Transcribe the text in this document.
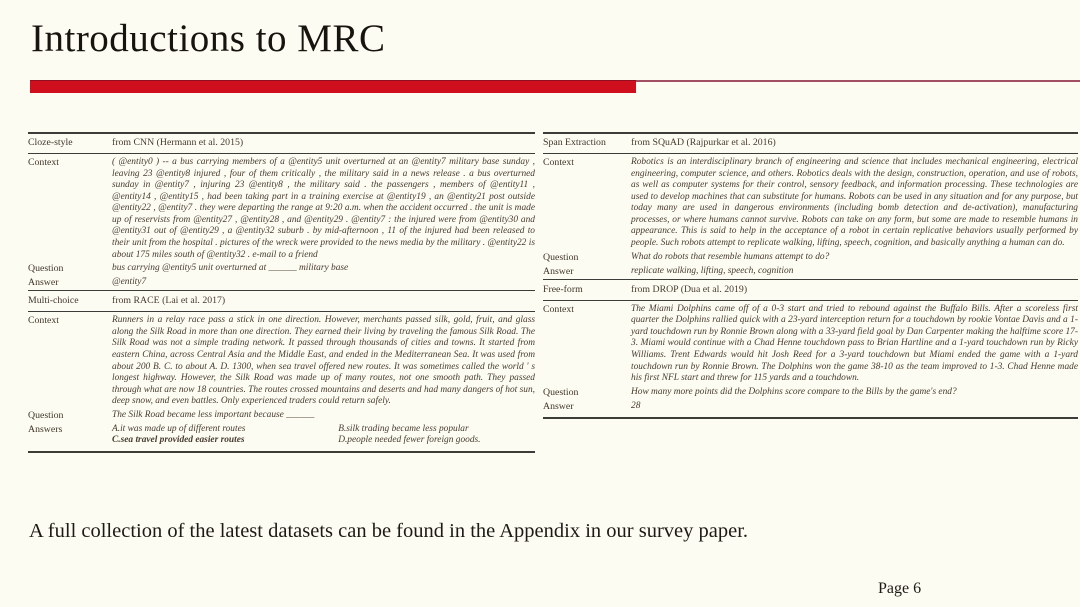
Introductions to MRC
Cloze-style	from CNN (Hermann et al. 2015)
Context	( @entity0 ) -- a bus carrying members of a @entity5 unit overturned at an @entity7 military base sunday , leaving 23 @entity8 injured , four of them critically , the military said in a news release . a bus overturned sunday in @entity7 , injuring 23 @entity8 , the military said . the passengers , members of @entity11 , @entity14 , @entity15 , had been taking part in a training exercise at @entity19 , an @entity21 post outside @entity22 , @entity7 . they were departing the range at 9:20 a.m. when the accident occurred . the unit is made up of reservists from @entity27 , @entity28 , and @entity29 . @entity7 : the injured were from @entity30 and @entity31 out of @entity29 , a @entity32 suburb . by mid-afternoon , 11 of the injured had been released to their unit from the hospital . pictures of the wreck were provided to the news media by the military . @entity22 is about 175 miles south of @entity32 . e-mail to a friend
Question	bus carrying @entity5 unit overturned at ______ military base
Answer	@entity7
Multi-choice	from RACE (Lai et al. 2017)
Context	Runners in a relay race pass a stick in one direction. However, merchants passed silk, gold, fruit, and glass along the Silk Road in more than one direction. They earned their living by traveling the famous Silk Road. The Silk Road was not a simple trading network. It passed through thousands of cities and towns. It started from eastern China, across Central Asia and the Middle East, and ended in the Mediterranean Sea. It was used from about 200 B. C. to about A. D. 1300, when sea travel offered new routes. It was sometimes called the world ' s longest highway. However, the Silk Road was made up of many routes, not one smooth path. They passed through what are now 18 countries. The routes crossed mountains and deserts and had many dangers of hot sun, deep snow, and even battles. Only experienced traders could return safely.
Question	The Silk Road became less important because ______
Answers	A.it was made up of different routes B.silk trading became less popular
C.sea travel provided easier routes D.people needed fewer foreign goods.
Span Extraction	from SQuAD (Rajpurkar et al. 2016)
Context	Robotics is an interdisciplinary branch of engineering and science that includes mechanical engineering, electrical engineering, computer science, and others. Robotics deals with the design, construction, operation, and use of robots, as well as computer systems for their control, sensory feedback, and information processing. These technologies are used to develop machines that can substitute for humans. Robots can be used in any situation and for any purpose, but today many are used in dangerous environments (including bomb detection and de-activation), manufacturing processes, or where humans cannot survive. Robots can take on any form, but some are made to resemble humans in appearance. This is said to help in the acceptance of a robot in certain replicative behaviors usually performed by people. Such robots attempt to replicate walking, lifting, speech, cognition, and basically anything a human can do.
Question	What do robots that resemble humans attempt to do?
Answer	replicate walking, lifting, speech, cognition
Free-form	from DROP (Dua et al. 2019)
Context	The Miami Dolphins came off of a 0-3 start and tried to rebound against the Buffalo Bills. After a scoreless first quarter the Dolphins rallied quick with a 23-yard interception return for a touchdown by rookie Vontae Davis and a 1-yard touchdown run by Ronnie Brown along with a 33-yard field goal by Dan Carpenter making the halftime score 17-3. Miami would continue with a Chad Henne touchdown pass to Brian Hartline and a 1-yard touchdown run by Ricky Williams. Trent Edwards would hit Josh Reed for a 3-yard touchdown but Miami ended the game with a 1-yard touchdown run by Ronnie Brown. The Dolphins won the game 38-10 as the team improved to 1-3. Chad Henne made his first NFL start and threw for 115 yards and a touchdown.
Question	How many more points did the Dolphins score compare to the Bills by the game's end?
Answer	28

A full collection of the latest datasets can be found in the Appendix in our survey paper.

Page 6
